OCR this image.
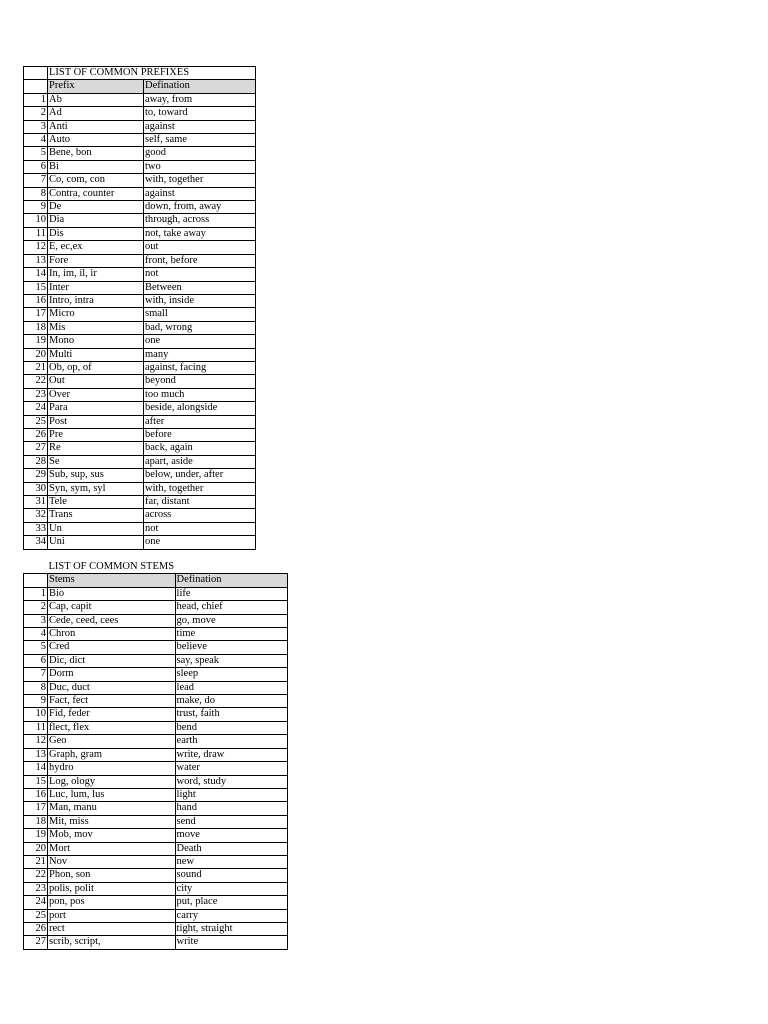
	LIST OF COMMON PREFIXES	
	Prefix	Defination
1	Ab	away, from
2	Ad	to, toward
3	Anti	against
4	Auto	self, same
5	Bene, bon	good
6	Bi	two
7	Co, com, con	with, together
8	Contra, counter	against
9	De	down, from, away
10	Dia	through, across
11	Dis	not, take away
12	E, ec,ex	out
13	Fore	front, before
14	In, im, il, ir	not
15	Inter	Between
16	Intro, intra	with, inside
17	Micro	small
18	Mis	bad, wrong
19	Mono	one
20	Multi	many
21	Ob, op, of	against, facing
22	Out	beyond
23	Over	too much
24	Para	beside, alongside
25	Post	after
26	Pre	before
27	Re	back, again
28	Se	apart, aside
29	Sub, sup, sus	below, under, after
30	Syn, sym, syl	with, together
31	Tele	far, distant
32	Trans	across
33	Un	not
34	Uni	one
	LIST OF COMMON STEMS	
	Stems	Defination
1	Bio	life
2	Cap, capit	head, chief
3	Cede, ceed, cees	go, move
4	Chron	time
5	Cred	believe
6	Dic, dict	say, speak
7	Dorm	sleep
8	Duc, duct	lead
9	Fact, fect	make, do
10	Fid, feder	trust, faith
11	flect, flex	bend
12	Geo	earth
13	Graph, gram	write, draw
14	hydro	water
15	Log, ology	word, study
16	Luc, lum, lus	light
17	Man, manu	hand
18	Mit, miss	send
19	Mob, mov	move
20	Mort	Death
21	Nov	new
22	Phon, son	sound
23	polis, polit	city
24	pon, pos	put, place
25	port	carry
26	rect	tight, straight
27	scrib, script,	write
